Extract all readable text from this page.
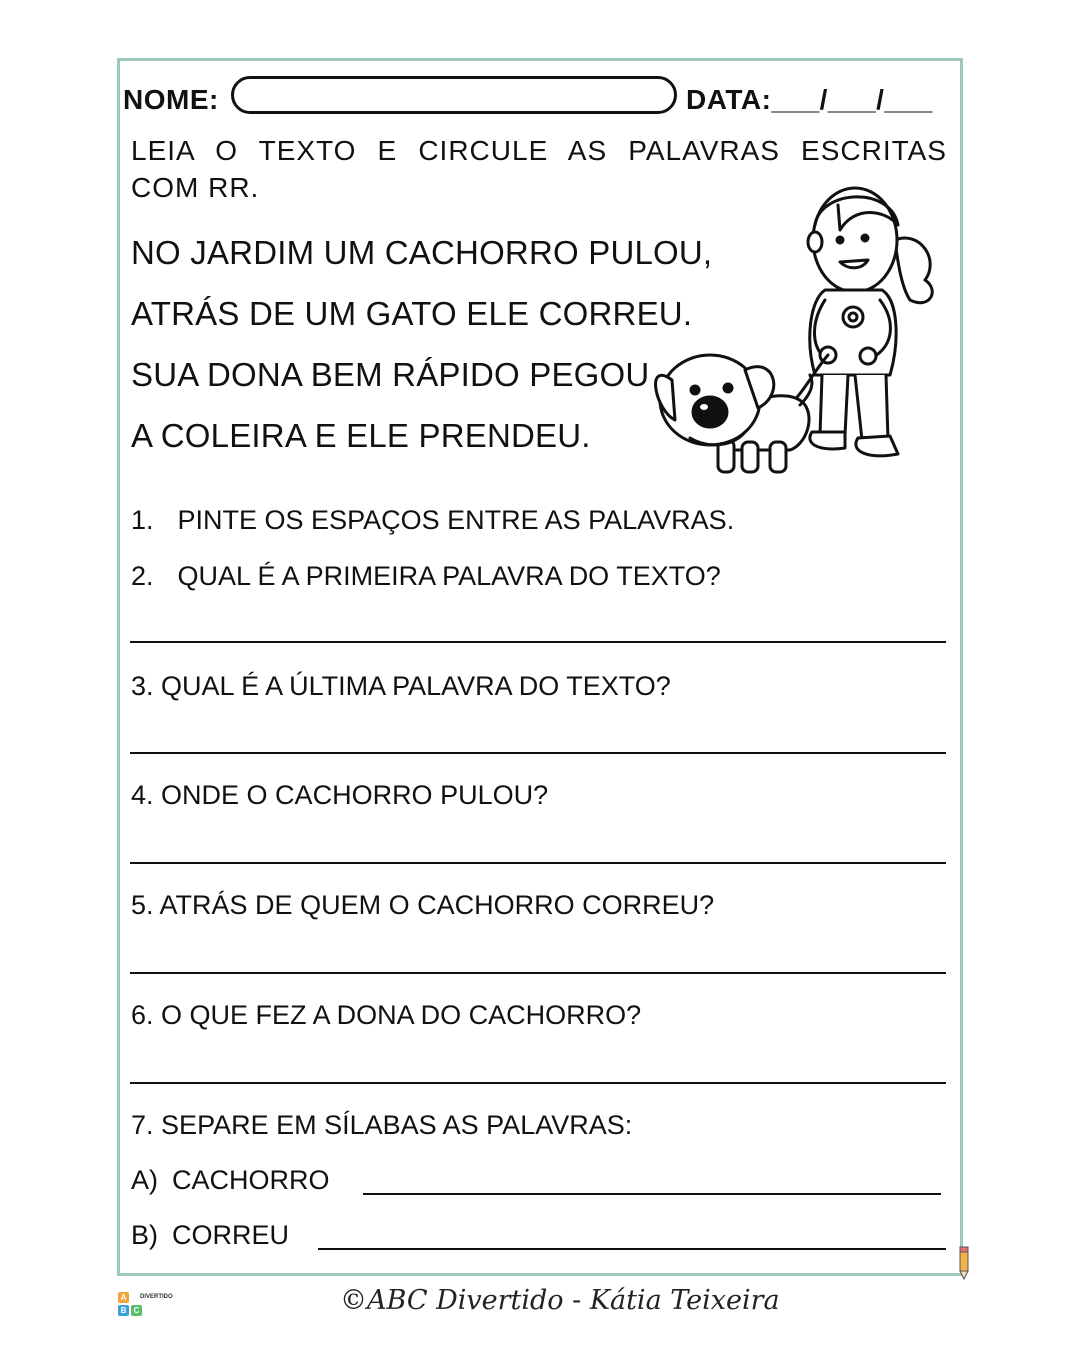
NOME:	DATA:___/___/___
LEIA O TEXTO E CIRCULE AS PALAVRAS ESCRITAS
COM RR.
NO JARDIM UM CACHORRO PULOU,
ATRÁS DE UM GATO ELE CORREU.
SUA DONA BEM RÁPIDO PEGOU
A COLEIRA E ELE PRENDEU.
1. PINTE OS ESPAÇOS ENTRE AS PALAVRAS.
2. QUAL É A PRIMEIRA PALAVRA DO TEXTO?
3. QUAL É A ÚLTIMA PALAVRA DO TEXTO?
4. ONDE O CACHORRO PULOU?
5. ATRÁS DE QUEM O CACHORRO CORREU?
6. O QUE FEZ A DONA DO CACHORRO?
7. SEPARE EM SÍLABAS AS PALAVRAS:
A) CACHORRO
B) CORREU
A
B C
DIVERTIDO	©ABC Divertido - Kátia Teixeira
